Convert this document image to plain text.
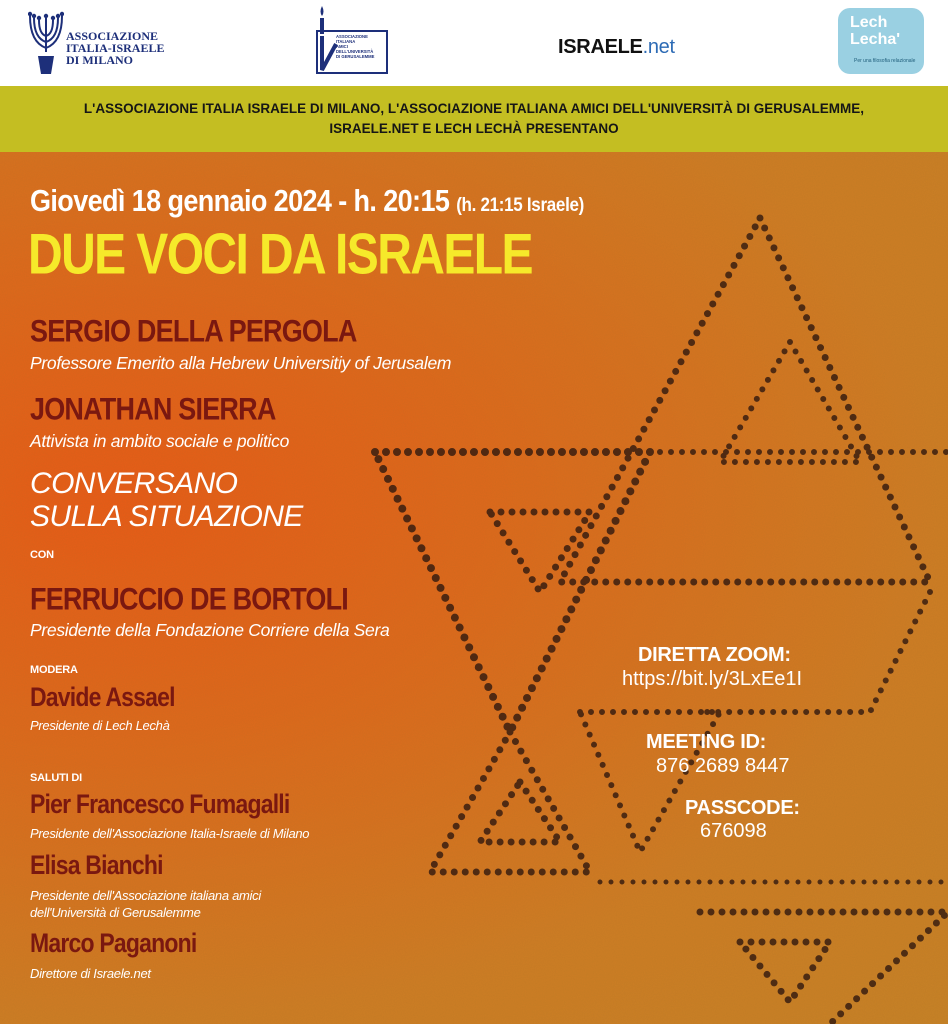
ASSOCIAZIONE
ITALIA-ISRAELE
DI MILANO
ASSOCIAZIONE
ITALIANA
AMICI
DELL'UNIVERSITÀ
DI GERUSALEMME	ISRAELE.net
Lech
Lecha'
Per una filosofia relazionale

L'ASSOCIAZIONE ITALIA ISRAELE DI MILANO, L'ASSOCIAZIONE ITALIANA AMICI DELL'UNIVERSITÀ DI GERUSALEMME,
ISRAELE.NET E LECH LECHÀ PRESENTANO

Giovedì 18 gennaio 2024 - h. 20:15 (h. 21:15 Israele)
DUE VOCI DA ISRAELE
SERGIO DELLA PERGOLA
Professore Emerito alla Hebrew Universitiy of Jerusalem
JONATHAN SIERRA
Attivista in ambito sociale e politico
CONVERSANO
SULLA SITUAZIONE
CON
FERRUCCIO DE BORTOLI
Presidente della Fondazione Corriere della Sera
MODERA
Davide Assael
Presidente di Lech Lechà
SALUTI DI
Pier Francesco Fumagalli
Presidente dell'Associazione Italia-Israele di Milano
Elisa Bianchi
Presidente dell'Associazione italiana amici
dell'Università di Gerusalemme
Marco Paganoni
Direttore di Israele.net
DIRETTA ZOOM:
https://bit.ly/3LxEe1I
MEETING ID:
876 2689 8447
PASSCODE:
676098
